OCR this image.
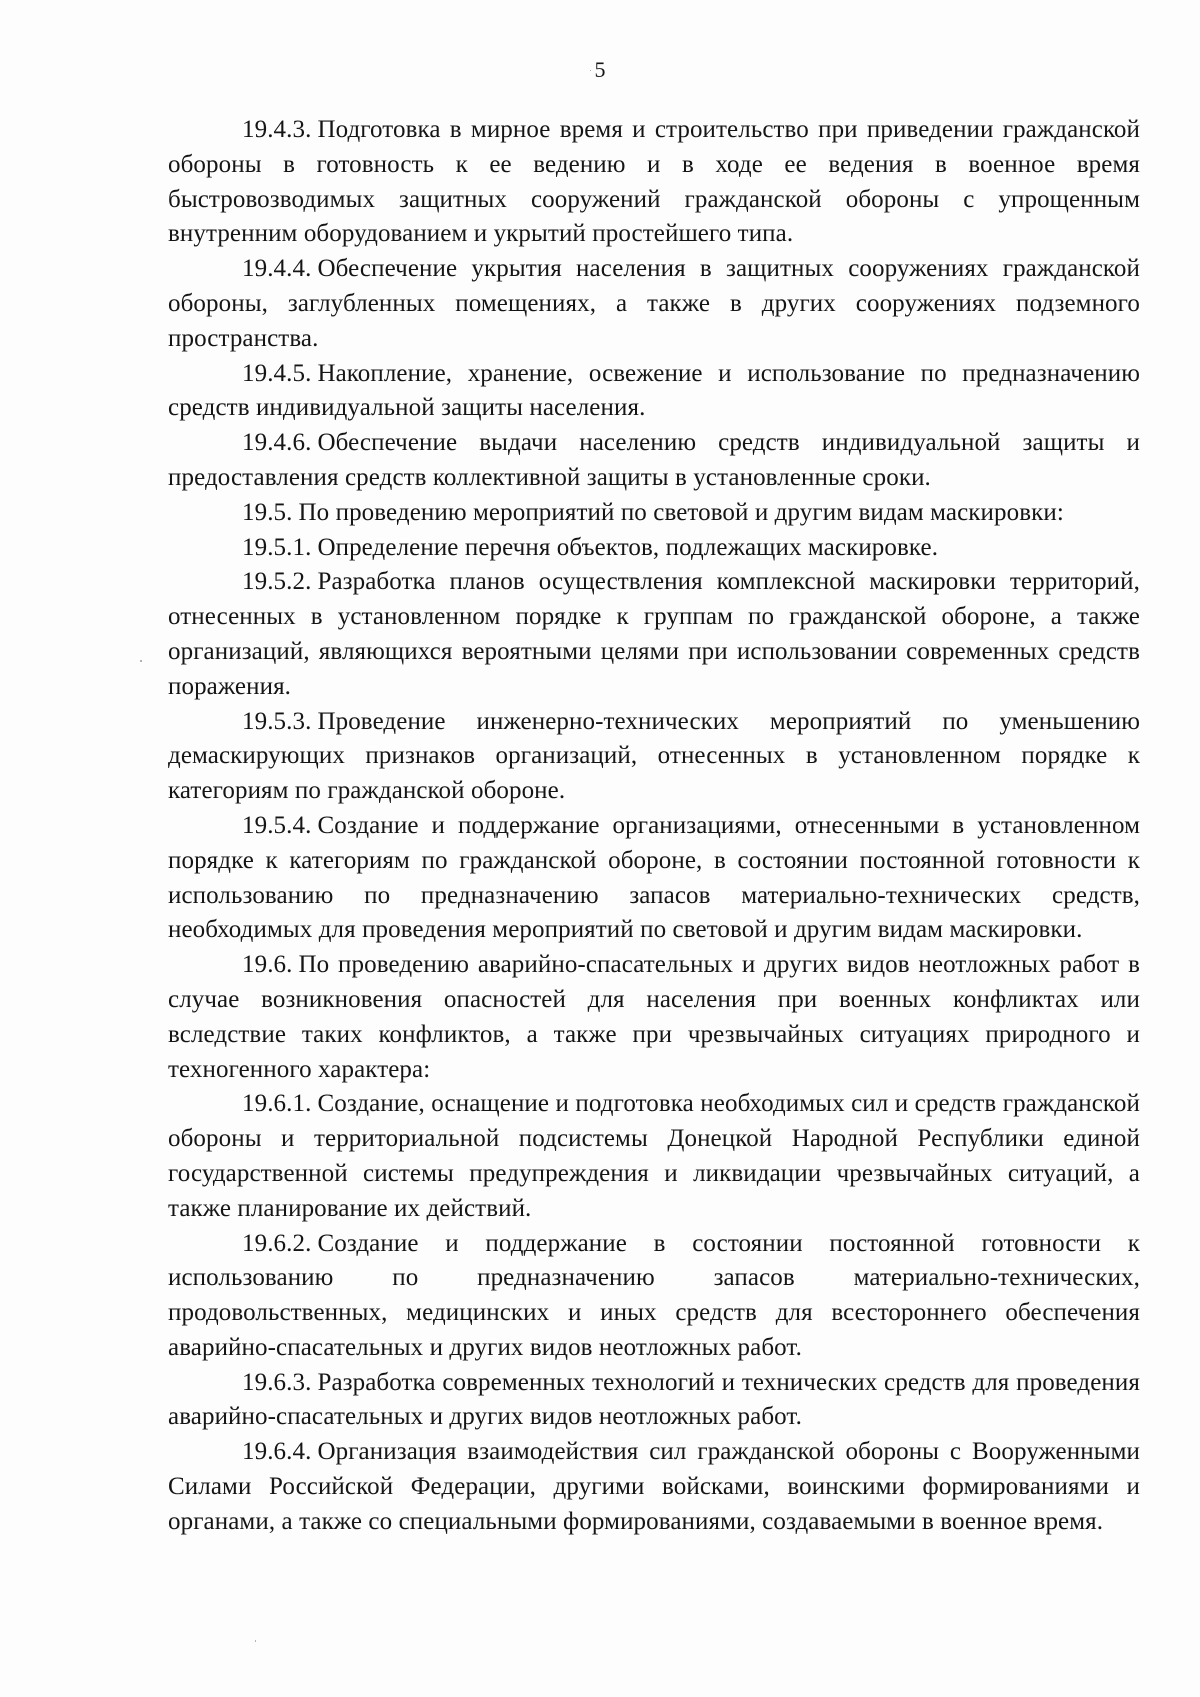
5

19.4.3. Подготовка в мирное время и строительство при приведении гражданской обороны в готовность к ее ведению и в ходе ее ведения в военное время быстровозводимых защитных сооружений гражданской обороны с упрощенным внутренним оборудованием и укрытий простейшего типа.

19.4.4. Обеспечение укрытия населения в защитных сооружениях гражданской обороны, заглубленных помещениях, а также в других сооружениях подземного пространства.

19.4.5. Накопление, хранение, освежение и использование по предназначению средств индивидуальной защиты населения.

19.4.6. Обеспечение выдачи населению средств индивидуальной защиты и предоставления средств коллективной защиты в установленные сроки.

19.5. По проведению мероприятий по световой и другим видам маскировки:

19.5.1. Определение перечня объектов, подлежащих маскировке.

19.5.2. Разработка планов осуществления комплексной маскировки территорий, отнесенных в установленном порядке к группам по гражданской обороне, а также организаций, являющихся вероятными целями при использовании современных средств поражения.

19.5.3. Проведение инженерно-технических мероприятий по уменьшению демаскирующих признаков организаций, отнесенных в установленном порядке к категориям по гражданской обороне.

19.5.4. Создание и поддержание организациями, отнесенными в установленном порядке к категориям по гражданской обороне, в состоянии постоянной готовности к использованию по предназначению запасов материально-технических средств, необходимых для проведения мероприятий по световой и другим видам маскировки.

19.6. По проведению аварийно-спасательных и других видов неотложных работ в случае возникновения опасностей для населения при военных конфликтах или вследствие таких конфликтов, а также при чрезвычайных ситуациях природного и техногенного характера:

19.6.1. Создание, оснащение и подготовка необходимых сил и средств гражданской обороны и территориальной подсистемы Донецкой Народной Республики единой государственной системы предупреждения и ликвидации чрезвычайных ситуаций, а также планирование их действий.

19.6.2. Создание и поддержание в состоянии постоянной готовности к использованию по предназначению запасов материально-технических, продовольственных, медицинских и иных средств для всестороннего обеспечения аварийно-спасательных и других видов неотложных работ.

19.6.3. Разработка современных технологий и технических средств для проведения аварийно-спасательных и других видов неотложных работ.

19.6.4. Организация взаимодействия сил гражданской обороны с Вооруженными Силами Российской Федерации, другими войсками, воинскими формированиями и органами, а также со специальными формированиями, создаваемыми в военное время.
